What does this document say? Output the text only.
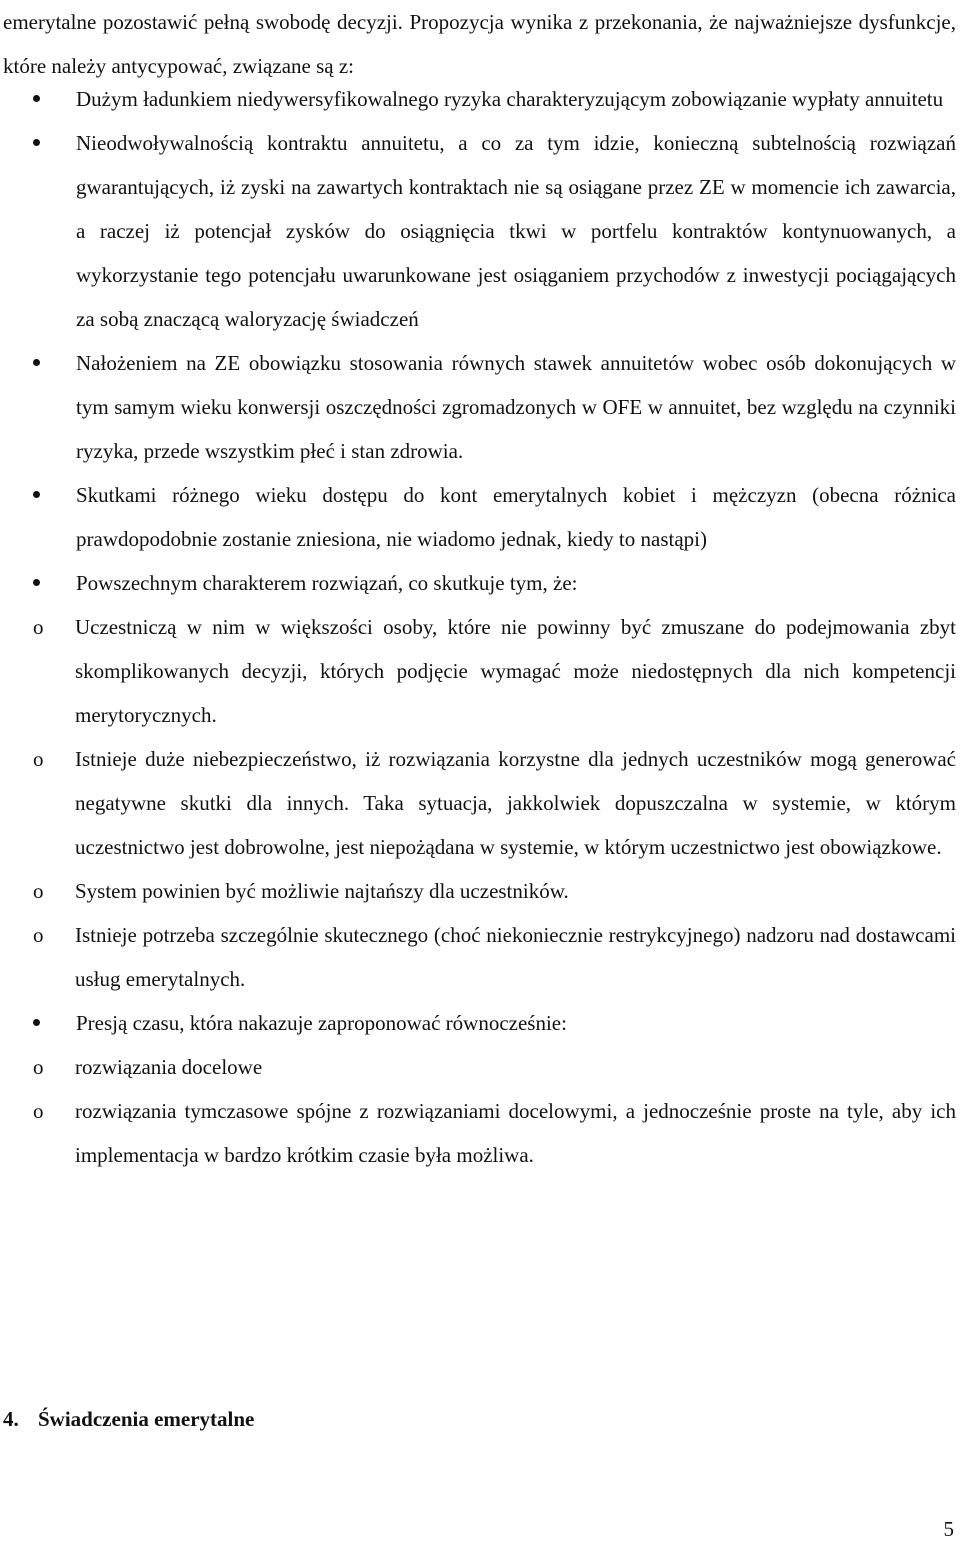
emerytalne pozostawić pełną swobodę decyzji. Propozycja wynika z przekonania, że najważniejsze dysfunkcje, które należy antycypować, związane są z:

Dużym ładunkiem niedywersyfikowalnego ryzyka charakteryzującym zobowiązanie wypłaty annuitetu
Nieodwoływalnością kontraktu annuitetu, a co za tym idzie, konieczną subtelnością rozwiązań gwarantujących, iż zyski na zawartych kontraktach nie są osiągane przez ZE w momencie ich zawarcia, a raczej iż potencjał zysków do osiągnięcia tkwi w portfelu kontraktów kontynuowanych, a wykorzystanie tego potencjału uwarunkowane jest osiąganiem przychodów z inwestycji pociągających za sobą znaczącą waloryzację świadczeń
Nałożeniem na ZE obowiązku stosowania równych stawek annuitetów wobec osób dokonujących w tym samym wieku konwersji oszczędności zgromadzonych w OFE w annuitet, bez względu na czynniki ryzyka, przede wszystkim płeć i stan zdrowia.
Skutkami różnego wieku dostępu do kont emerytalnych kobiet i mężczyzn (obecna różnica prawdopodobnie zostanie zniesiona, nie wiadomo jednak, kiedy to nastąpi)
Powszechnym charakterem rozwiązań, co skutkuje tym, że:
o Uczestniczą w nim w większości osoby, które nie powinny być zmuszane do podejmowania zbyt skomplikowanych decyzji, których podjęcie wymagać może niedostępnych dla nich kompetencji merytorycznych.
o Istnieje duże niebezpieczeństwo, iż rozwiązania korzystne dla jednych uczestników mogą generować negatywne skutki dla innych. Taka sytuacja, jakkolwiek dopuszczalna w systemie, w którym uczestnictwo jest dobrowolne, jest niepożądana w systemie, w którym uczestnictwo jest obowiązkowe.
o System powinien być możliwie najtańszy dla uczestników.
o Istnieje potrzeba szczególnie skutecznego (choć niekoniecznie restrykcyjnego) nadzoru nad dostawcami usług emerytalnych.
Presją czasu, która nakazuje zaproponować równocześnie:
o rozwiązania docelowe
o rozwiązania tymczasowe spójne z rozwiązaniami docelowymi, a jednocześnie proste na tyle, aby ich implementacja w bardzo krótkim czasie była możliwa.
4. Świadczenia emerytalne
5
